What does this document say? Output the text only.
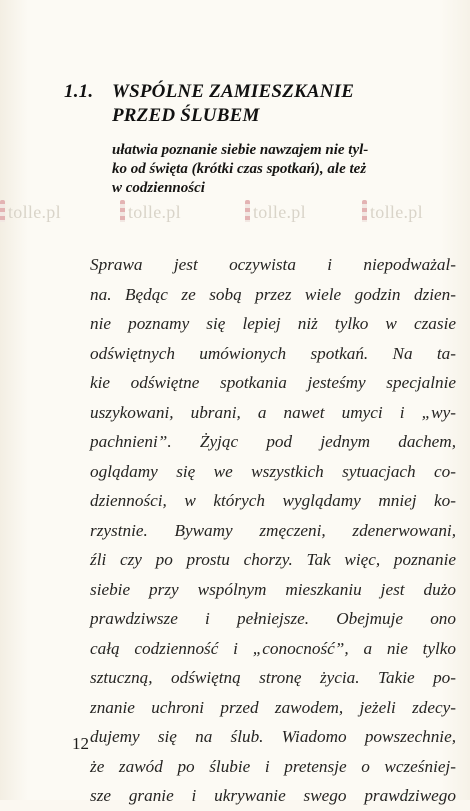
1.1. WSPÓLNE ZAMIESZKANIE
PRZED ŚLUBEM
ułatwia poznanie siebie nawzajem nie tyl-
ko od święta (krótki czas spotkań), ale też
w codzienności
tolle.pl	tolle.pl	tolle.pl	tolle.pl
Sprawa jest oczywista i niepodważal-
na. Będąc ze sobą przez wiele godzin dzien-
nie poznamy się lepiej niż tylko w czasie
odświętnych umówionych spotkań. Na ta-
kie odświętne spotkania jesteśmy specjalnie
uszykowani, ubrani, a nawet umyci i „wy-
pachnieni”. Żyjąc pod jednym dachem,
oglądamy się we wszystkich sytuacjach co-
dzienności, w których wyglądamy mniej ko-
rzystnie. Bywamy zmęczeni, zdenerwowani,
źli czy po prostu chorzy. Tak więc, poznanie
siebie przy wspólnym mieszkaniu jest dużo
prawdziwsze i pełniejsze. Obejmuje ono
całą codzienność i „conocność”, a nie tylko
sztuczną, odświętną stronę życia. Takie po-
znanie uchroni przed zawodem, jeżeli zdecy-
dujemy się na ślub. Wiadomo powszechnie,
że zawód po ślubie i pretensje o wcześniej-
sze granie i ukrywanie swego prawdziwego
12
